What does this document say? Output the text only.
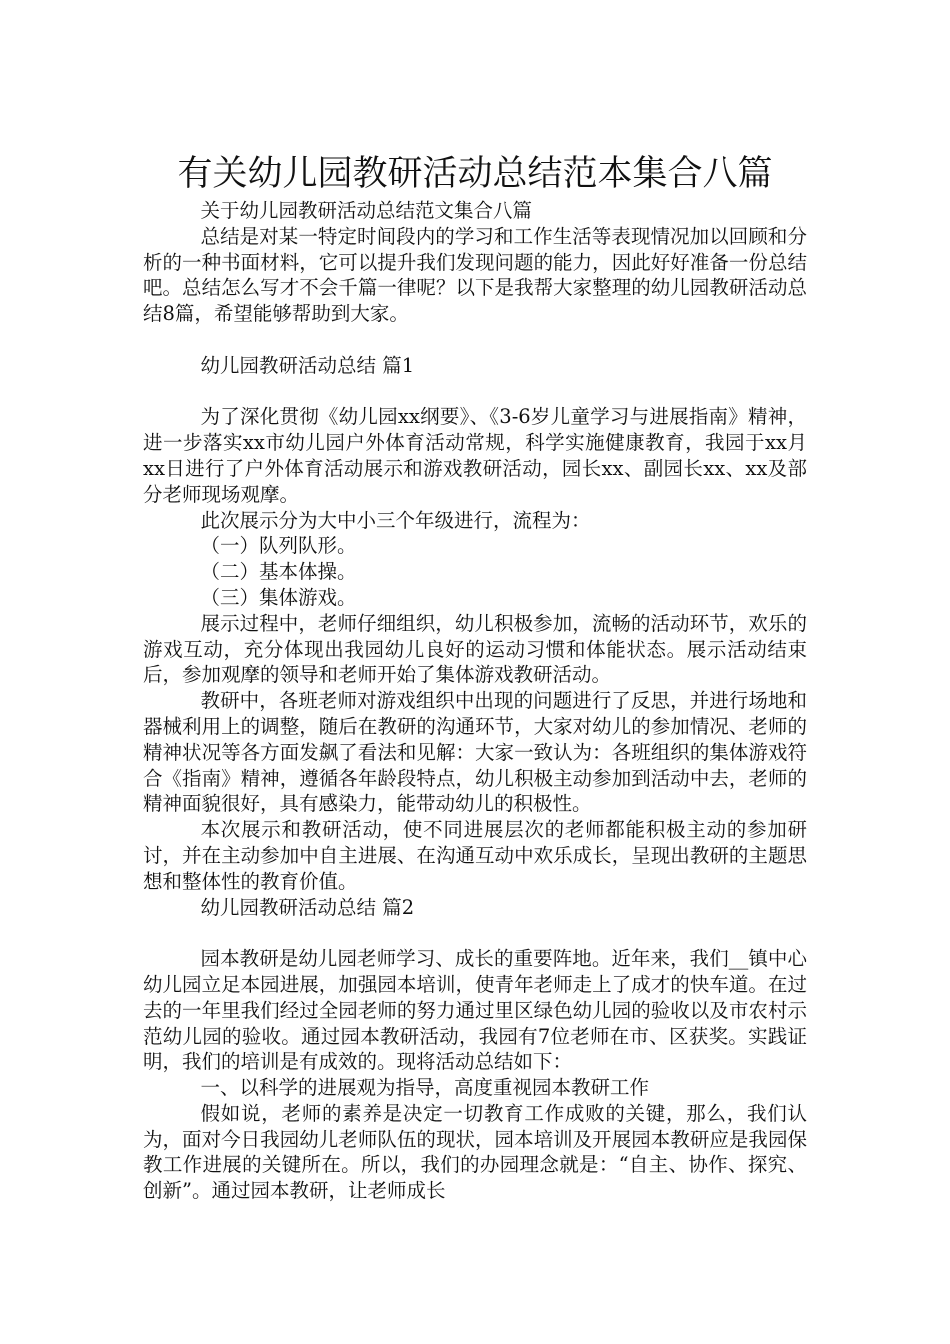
有关幼儿园教研活动总结范本集合八篇

关于幼儿园教研活动总结范文集合八篇

总结是对某一特定时间段内的学习和工作生活等表现情况加以回顾和分析的一种书面材料，它可以提升我们发现问题的能力，因此好好准备一份总结吧。总结怎么写才不会千篇一律呢？以下是我帮大家整理的幼儿园教研活动总结8篇，希望能够帮助到大家。

幼儿园教研活动总结 篇1

为了深化贯彻《幼儿园xx纲要》、《3-6岁儿童学习与进展指南》精神，进一步落实xx市幼儿园户外体育活动常规，科学实施健康教育，我园于xx月xx日进行了户外体育活动展示和游戏教研活动，园长xx、副园长xx、xx及部分老师现场观摩。

此次展示分为大中小三个年级进行，流程为：

（一）队列队形。

（二）基本体操。

（三）集体游戏。

展示过程中，老师仔细组织，幼儿积极参加，流畅的活动环节，欢乐的游戏互动，充分体现出我园幼儿良好的运动习惯和体能状态。展示活动结束后，参加观摩的领导和老师开始了集体游戏教研活动。

教研中，各班老师对游戏组织中出现的问题进行了反思，并进行场地和器械利用上的调整，随后在教研的沟通环节，大家对幼儿的参加情况、老师的精神状况等各方面发飙了看法和见解：大家一致认为：各班组织的集体游戏符合《指南》精神，遵循各年龄段特点，幼儿积极主动参加到活动中去，老师的精神面貌很好，具有感染力，能带动幼儿的积极性。

本次展示和教研活动，使不同进展层次的老师都能积极主动的参加研讨，并在主动参加中自主进展、在沟通互动中欢乐成长，呈现出教研的主题思想和整体性的教育价值。

幼儿园教研活动总结 篇2

园本教研是幼儿园老师学习、成长的重要阵地。近年来，我们__镇中心幼儿园立足本园进展，加强园本培训，使青年老师走上了成才的快车道。在过去的一年里我们经过全园老师的努力通过里区绿色幼儿园的验收以及市农村示范幼儿园的验收。通过园本教研活动，我园有7位老师在市、区获奖。实践证明，我们的培训是有成效的。现将活动总结如下：

一、以科学的进展观为指导，高度重视园本教研工作

假如说，老师的素养是决定一切教育工作成败的关键，那么，我们认为，面对今日我园幼儿老师队伍的现状，园本培训及开展园本教研应是我园保教工作进展的关键所在。所以，我们的办园理念就是：“自主、协作、探究、创新”。通过园本教研，让老师成长
